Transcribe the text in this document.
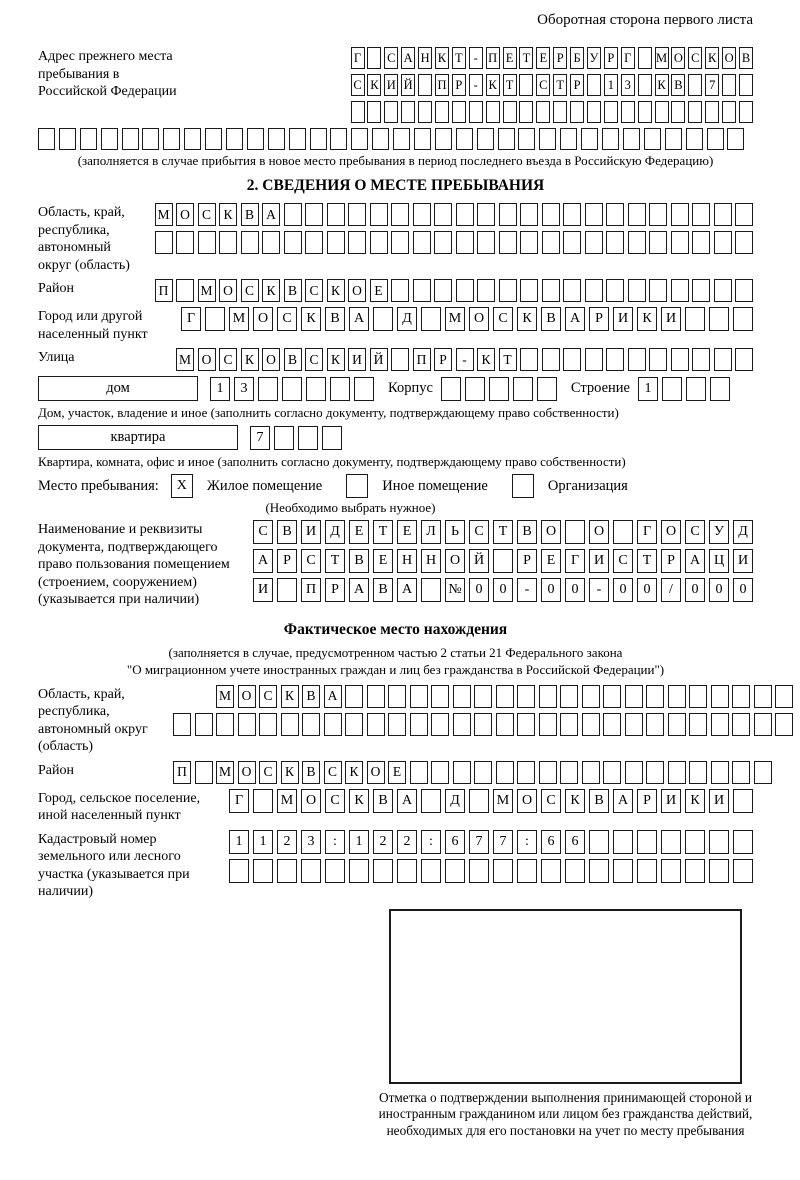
Оборотная сторона первого листа
Адрес прежнего места пребывания в Российской Федерации
Г С А Н К Т - П Е Т Е Р Б У Р Г М О С К О В
С К И Й П Р - К Т С Т Р	1 3	К В	7
(заполняется в случае прибытия в новое место пребывания в период последнего въезда в Российскую Федерацию)
2. СВЕДЕНИЯ О МЕСТЕ ПРЕБЫВАНИЯ
Область, край, республика, автономный округ (область)
М О С К В А
Район	П	М О С К В С К О Е
Город или другой населенный пункт
Г	М О	С	К	В	А	Д	М О	С	К	В	А	Р	И	К	И
Улица	М О С К О В С К И Й	П Р	-	К Т
дом	1	3	Корпус	Строение	1
Дом, участок, владение и иное (заполнить согласно документу, подтверждающему право собственности)
квартира	7
Квартира, комната, офис и иное (заполнить согласно документу, подтверждающему право собственности)
Место пребывания:	Х	Жилое помещение	Иное помещение	Организация
(Необходимо выбрать нужное)
Наименование и реквизиты документа, подтверждающего право пользования помещением (строением, сооружением) (указывается при наличии)
С	В	И	Д	Е	Т	Е	Л	Ь	С	Т	В	О	О	Г	О	С	У	Д
А	Р	С	Т	В	Е	Н Н О Й	Р	Е	Г	И	С	Т	Р	А Ц И
И	П	Р	А	В	А	№ 0	0	-	0	0	-	0	0	/	0	0	0
Фактическое место нахождения
(заполняется в случае, предусмотренном частью 2 статьи 21 Федерального закона
"О миграционном учете иностранных граждан и лиц без гражданства в Российской Федерации")
Область, край, республика, автономный округ (область)
М О С К В А
Район	П	М О С К В С К О Е
Город, сельское поселение, иной населенный пункт
Г	М О	С	К	В	А	Д	М О	С	К	В	А	Р	И	К	И
Кадастровый номер земельного или лесного участка (указывается при наличии)
1	1	2	3	:	1	2	2	:	6	7	7	:	6	6
Отметка о подтверждении выполнения принимающей стороной и иностранным гражданином или лицом без гражданства действий, необходимых для его постановки на учет по месту пребывания
